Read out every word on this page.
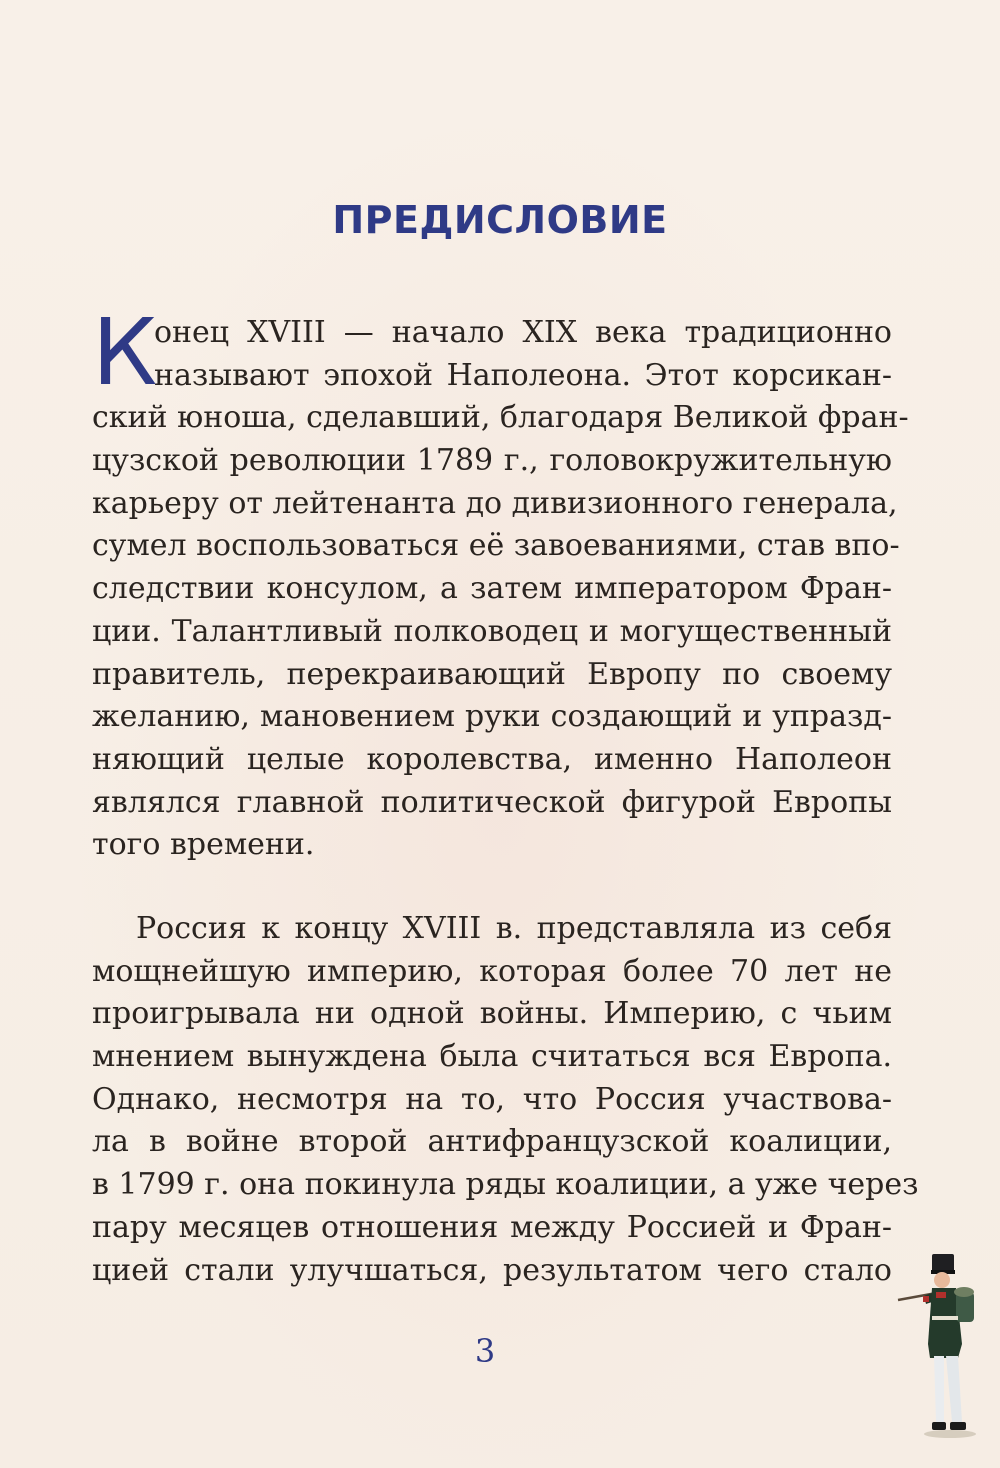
ПРЕДИСЛОВИЕ
К
онец XVIII — начало XIX века традиционно
называют эпохой Наполеона. Этот корсикан-
ский юноша, сделавший, благодаря Великой фран-
цузской революции 1789 г., головокружительную
карьеру от лейтенанта до дивизионного генерала,
сумел воспользоваться её завоеваниями, став впо-
следствии консулом, а затем императором Фран-
ции. Талантливый полководец и могущественный
правитель, перекраивающий Европу по своему
желанию, мановением руки создающий и упразд-
няющий целые королевства, именно Наполеон
являлся главной политической фигурой Европы
того времени.
Россия к концу XVIII в. представляла из себя
мощнейшую империю, которая более 70 лет не
проигрывала ни одной войны. Империю, с чьим
мнением вынуждена была считаться вся Европа.
Однако, несмотря на то, что Россия участвова-
ла в войне второй антифранцузской коалиции,
в 1799 г. она покинула ряды коалиции, а уже через
пару месяцев отношения между Россией и Фран-
цией стали улучшаться, результатом чего стало
3
